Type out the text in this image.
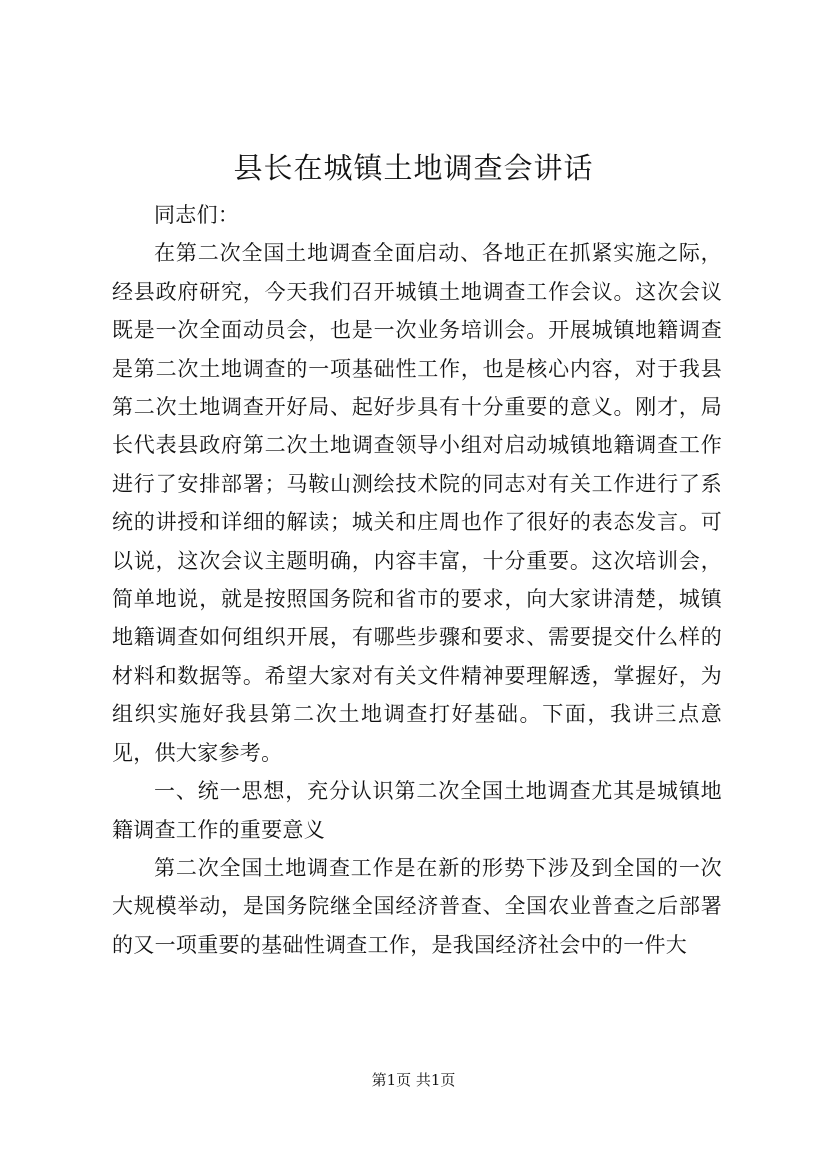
县长在城镇土地调查会讲话

同志们：

在第二次全国土地调查全面启动、各地正在抓紧实施之际，经县政府研究，今天我们召开城镇土地调查工作会议。这次会议既是一次全面动员会，也是一次业务培训会。开展城镇地籍调查是第二次土地调查的一项基础性工作，也是核心内容，对于我县第二次土地调查开好局、起好步具有十分重要的意义。刚才，局长代表县政府第二次土地调查领导小组对启动城镇地籍调查工作进行了安排部署；马鞍山测绘技术院的同志对有关工作进行了系统的讲授和详细的解读；城关和庄周也作了很好的表态发言。可以说，这次会议主题明确，内容丰富，十分重要。这次培训会，简单地说，就是按照国务院和省市的要求，向大家讲清楚，城镇地籍调查如何组织开展，有哪些步骤和要求、需要提交什么样的材料和数据等。希望大家对有关文件精神要理解透，掌握好，为组织实施好我县第二次土地调查打好基础。下面，我讲三点意见，供大家参考。

一、统一思想，充分认识第二次全国土地调查尤其是城镇地籍调查工作的重要意义

第二次全国土地调查工作是在新的形势下涉及到全国的一次大规模举动，是国务院继全国经济普查、全国农业普查之后部署的又一项重要的基础性调查工作，是我国经济社会中的一件大

第1页 共1页
